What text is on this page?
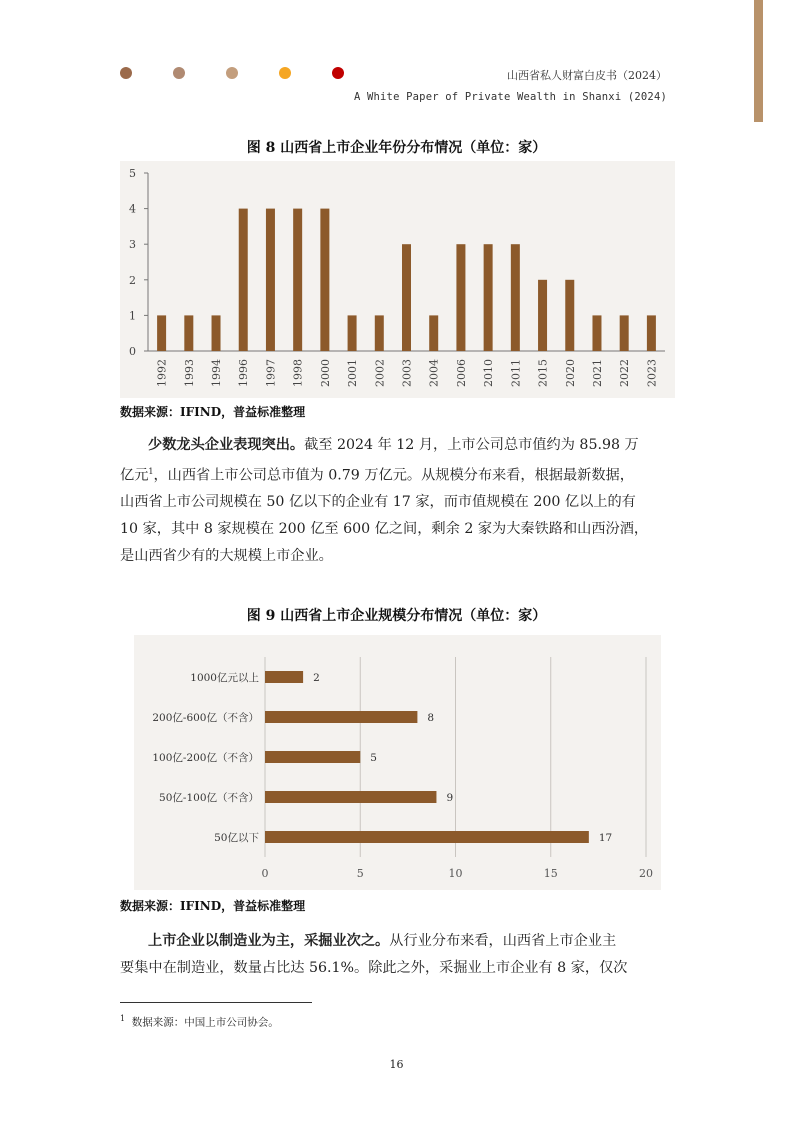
山西省私人财富白皮书（2024）
A White Paper of Private Wealth in Shanxi (2024)
图 8 山西省上市企业年份分布情况（单位：家）
0
1
2
3
4
5
1992 1993 1994 1996 1997 1998 2000 2001 2002 2003 2004 2006 2010 2011 2015 2020 2021 2022 2023
数据来源：IFIND，普益标准整理
少数龙头企业表现突出。截至 2024 年 12 月，上市公司总市值约为 85.98 万
亿元$^1$，山西省上市公司总市值为 0.79 万亿元。从规模分布来看，根据最新数据，
山西省上市公司规模在 50 亿以下的企业有 17 家，而市值规模在 200 亿以上的有
10 家，其中 8 家规模在 200 亿至 600 亿之间，剩余 2 家为大秦铁路和山西汾酒，
是山西省少有的大规模上市企业。
图 9 山西省上市企业规模分布情况（单位：家）
0	5	10	15	20
1000亿元以上	2
200亿-600亿（不含）	8
100亿-200亿（不含）	5
50亿-100亿（不含）	9
50亿以下	17
数据来源：IFIND，普益标准整理
上市企业以制造业为主，采掘业次之。从行业分布来看，山西省上市企业主
要集中在制造业，数量占比达 56.1%。除此之外，采掘业上市企业有 8 家，仅次
$^1$ 数据来源：中国上市公司协会。
16
